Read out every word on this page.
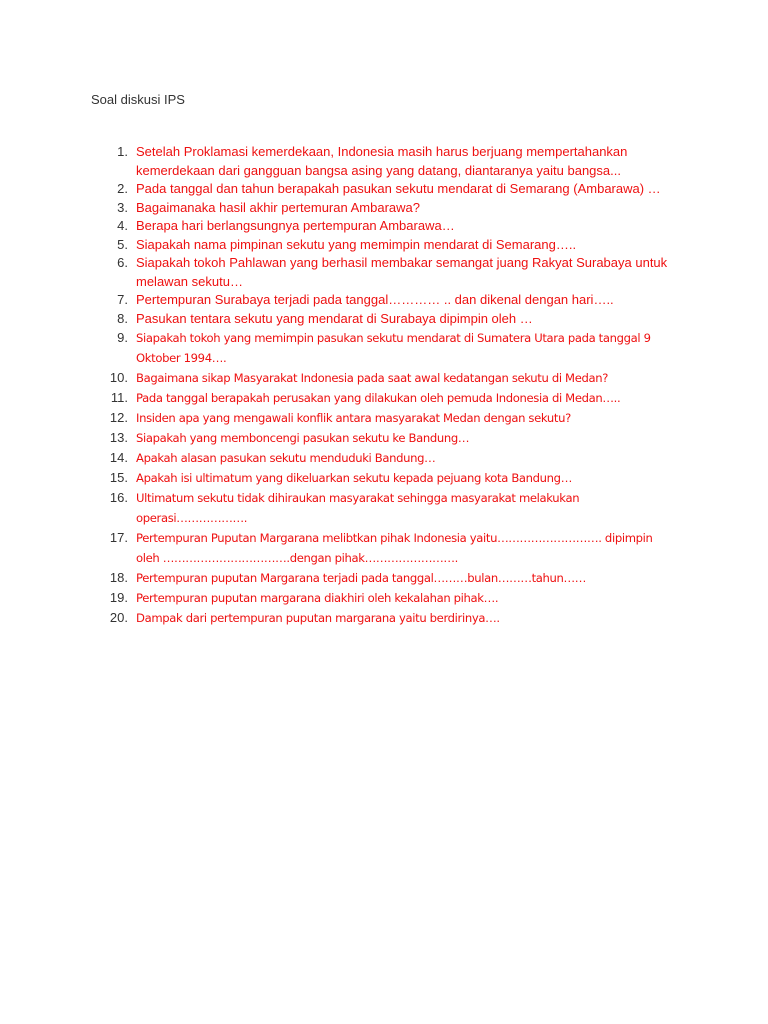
Soal diskusi IPS

1. Setelah Proklamasi kemerdekaan, Indonesia masih harus berjuang mempertahankan kemerdekaan dari gangguan bangsa asing yang datang, diantaranya yaitu bangsa...
2. Pada tanggal dan tahun berapakah pasukan sekutu mendarat di Semarang (Ambarawa) …
3. Bagaimanaka hasil akhir pertemuran Ambarawa?
4. Berapa hari berlangsungnya pertempuran Ambarawa…
5. Siapakah nama pimpinan sekutu yang memimpin mendarat di Semarang…..
6. Siapakah tokoh Pahlawan yang berhasil membakar semangat juang Rakyat Surabaya untuk melawan sekutu…
7. Pertempuran Surabaya terjadi pada tanggal………… .. dan dikenal dengan hari…..
8. Pasukan tentara sekutu yang mendarat di Surabaya dipimpin oleh …
9. Siapakah tokoh yang memimpin pasukan sekutu mendarat di Sumatera Utara pada tanggal 9 Oktober 1994….
10. Bagaimana sikap Masyarakat Indonesia pada saat awal kedatangan sekutu di Medan?
11. Pada tanggal berapakah perusakan yang dilakukan oleh pemuda Indonesia di Medan…..
12. Insiden apa yang mengawali konflik antara masyarakat Medan dengan sekutu?
13. Siapakah yang memboncengi pasukan sekutu ke Bandung…
14. Apakah alasan pasukan sekutu menduduki Bandung…
15. Apakah isi ultimatum yang dikeluarkan sekutu kepada pejuang kota Bandung…
16. Ultimatum sekutu tidak dihiraukan masyarakat sehingga masyarakat melakukan operasi……………….
17. Pertempuran Puputan Margarana melibtkan pihak Indonesia yaitu………………………. dipimpin oleh …………………………….dengan pihak…………………….
18. Pertempuran puputan Margarana terjadi pada tanggal………bulan………tahun……
19. Pertempuran puputan margarana diakhiri oleh kekalahan pihak….
20. Dampak dari pertempuran puputan margarana yaitu berdirinya….
